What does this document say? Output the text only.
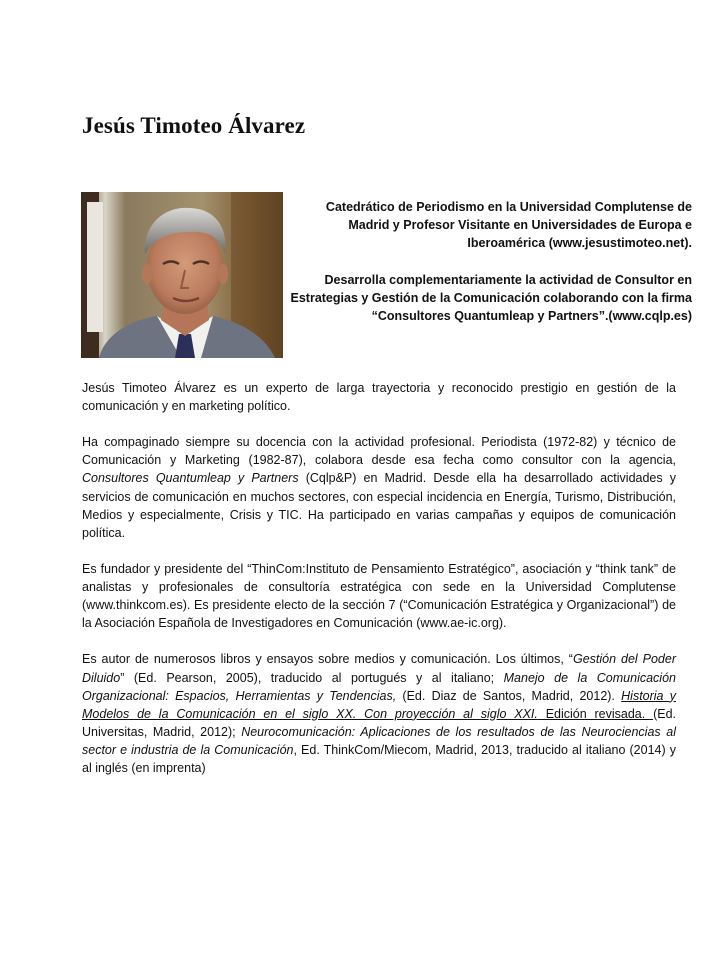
Jesús Timoteo Álvarez

Catedrático de Periodismo en la Universidad Complutense de Madrid y Profesor Visitante en Universidades de Europa e Iberoamérica (www.jesustimoteo.net).

Desarrolla complementariamente la actividad de Consultor en Estrategias y Gestión de la Comunicación colaborando con la firma “Consultores Quantumleap y Partners”.(www.cqlp.es)

Jesús Timoteo Álvarez es un experto de larga trayectoria y reconocido prestigio en gestión de la comunicación y en marketing político.

Ha compaginado siempre su docencia con la actividad profesional. Periodista (1972-82) y técnico de Comunicación y Marketing (1982-87), colabora desde esa fecha como consultor con la agencia, Consultores Quantumleap y Partners (Cqlp&P) en Madrid. Desde ella ha desarrollado actividades y servicios de comunicación en muchos sectores, con especial incidencia en Energía, Turismo, Distribución, Medios y especialmente, Crisis y TIC. Ha participado en varias campañas y equipos de comunicación política.

Es fundador y presidente del “ThinCom:Instituto de Pensamiento Estratégico”, asociación y “think tank” de analistas y profesionales de consultoría estratégica con sede en la Universidad Complutense (www.thinkcom.es). Es presidente electo de la sección 7 (“Comunicación Estratégica y Organizacional”) de la Asociación Española de Investigadores en Comunicación (www.ae-ic.org).

Es autor de numerosos libros y ensayos sobre medios y comunicación. Los últimos, “Gestión del Poder Diluido” (Ed. Pearson, 2005), traducido al portugués y al italiano; Manejo de la Comunicación Organizacional: Espacios, Herramientas y Tendencias, (Ed. Diaz de Santos, Madrid, 2012). Historia y Modelos de la Comunicación en el siglo XX. Con proyección al siglo XXI. Edición revisada. (Ed. Universitas, Madrid, 2012); Neurocomunicación: Aplicaciones de los resultados de las Neurociencias al sector e industria de la Comunicación, Ed. ThinkCom/Miecom, Madrid, 2013, traducido al italiano (2014) y al inglés (en imprenta)
